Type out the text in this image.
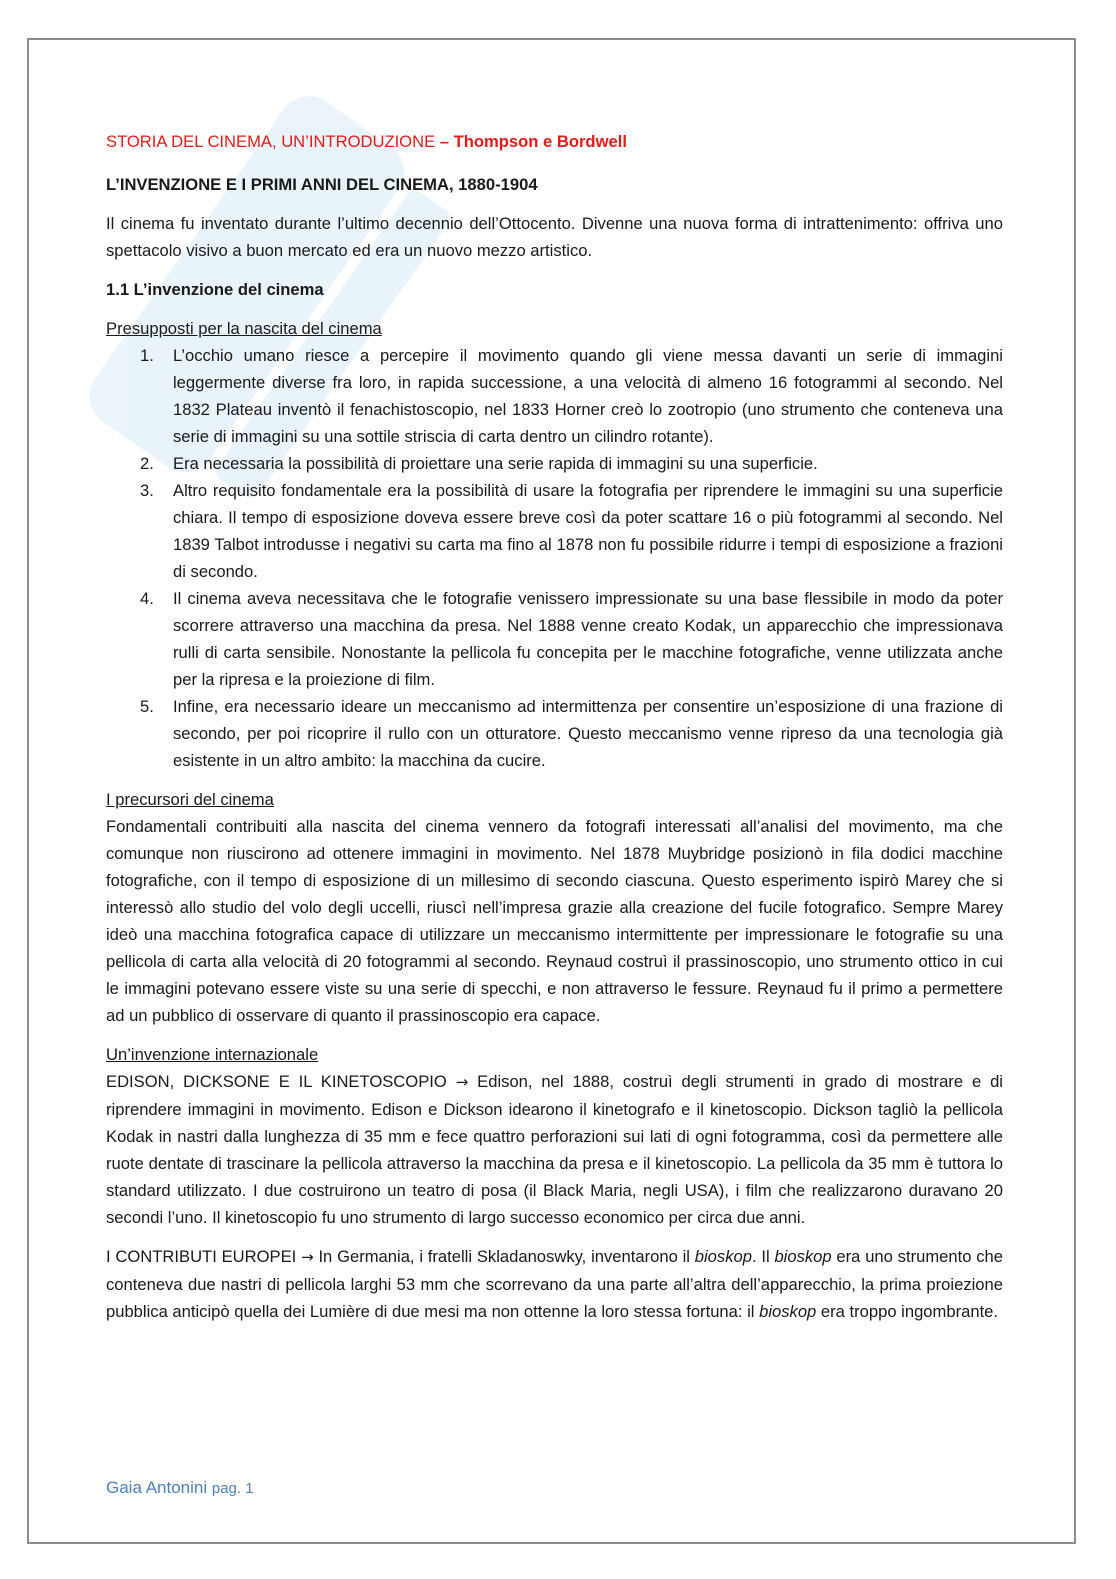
STORIA DEL CINEMA, UN’INTRODUZIONE – Thompson e Bordwell
L’INVENZIONE E I PRIMI ANNI DEL CINEMA, 1880-1904

Il cinema fu inventato durante l’ultimo decennio dell’Ottocento. Divenne una nuova forma di intrattenimento: offriva uno spettacolo visivo a buon mercato ed era un nuovo mezzo artistico.

1.1 L’invenzione del cinema
Presupposti per la nascita del cinema
1. L’occhio umano riesce a percepire il movimento quando gli viene messa davanti un serie di immagini leggermente diverse fra loro, in rapida successione, a una velocità di almeno 16 fotogrammi al secondo. Nel 1832 Plateau inventò il fenachistoscopio, nel 1833 Horner creò lo zootropio (uno strumento che conteneva una serie di immagini su una sottile striscia di carta dentro un cilindro rotante).
2. Era necessaria la possibilità di proiettare una serie rapida di immagini su una superficie.
3. Altro requisito fondamentale era la possibilità di usare la fotografia per riprendere le immagini su una superficie chiara. Il tempo di esposizione doveva essere breve così da poter scattare 16 o più fotogrammi al secondo. Nel 1839 Talbot introdusse i negativi su carta ma fino al 1878 non fu possibile ridurre i tempi di esposizione a frazioni di secondo.
4. Il cinema aveva necessitava che le fotografie venissero impressionate su una base flessibile in modo da poter scorrere attraverso una macchina da presa. Nel 1888 venne creato Kodak, un apparecchio che impressionava rulli di carta sensibile. Nonostante la pellicola fu concepita per le macchine fotografiche, venne utilizzata anche per la ripresa e la proiezione di film.
5. Infine, era necessario ideare un meccanismo ad intermittenza per consentire un’esposizione di una frazione di secondo, per poi ricoprire il rullo con un otturatore. Questo meccanismo venne ripreso da una tecnologia già esistente in un altro ambito: la macchina da cucire.
I precursori del cinema

Fondamentali contribuiti alla nascita del cinema vennero da fotografi interessati all’analisi del movimento, ma che comunque non riuscirono ad ottenere immagini in movimento. Nel 1878 Muybridge posizionò in fila dodici macchine fotografiche, con il tempo di esposizione di un millesimo di secondo ciascuna. Questo esperimento ispirò Marey che si interessò allo studio del volo degli uccelli, riuscì nell’impresa grazie alla creazione del fucile fotografico. Sempre Marey ideò una macchina fotografica capace di utilizzare un meccanismo intermittente per impressionare le fotografie su una pellicola di carta alla velocità di 20 fotogrammi al secondo. Reynaud costruì il prassinoscopio, uno strumento ottico in cui le immagini potevano essere viste su una serie di specchi, e non attraverso le fessure. Reynaud fu il primo a permettere ad un pubblico di osservare di quanto il prassinoscopio era capace.

Un’invenzione internazionale

EDISON, DICKSONE E IL KINETOSCOPIO → Edison, nel 1888, costruì degli strumenti in grado di mostrare e di riprendere immagini in movimento. Edison e Dickson idearono il kinetografo e il kinetoscopio. Dickson tagliò la pellicola Kodak in nastri dalla lunghezza di 35 mm e fece quattro perforazioni sui lati di ogni fotogramma, così da permettere alle ruote dentate di trascinare la pellicola attraverso la macchina da presa e il kinetoscopio. La pellicola da 35 mm è tuttora lo standard utilizzato. I due costruirono un teatro di posa (il Black Maria, negli USA), i film che realizzarono duravano 20 secondi l’uno. Il kinetoscopio fu uno strumento di largo successo economico per circa due anni.

I CONTRIBUTI EUROPEI → In Germania, i fratelli Skladanoswky, inventarono il bioskop. Il bioskop era uno strumento che conteneva due nastri di pellicola larghi 53 mm che scorrevano da una parte all’altra dell’apparecchio, la prima proiezione pubblica anticipò quella dei Lumière di due mesi ma non ottenne la loro stessa fortuna: il bioskop era troppo ingombrante.

Gaia Antonini pag. 1
